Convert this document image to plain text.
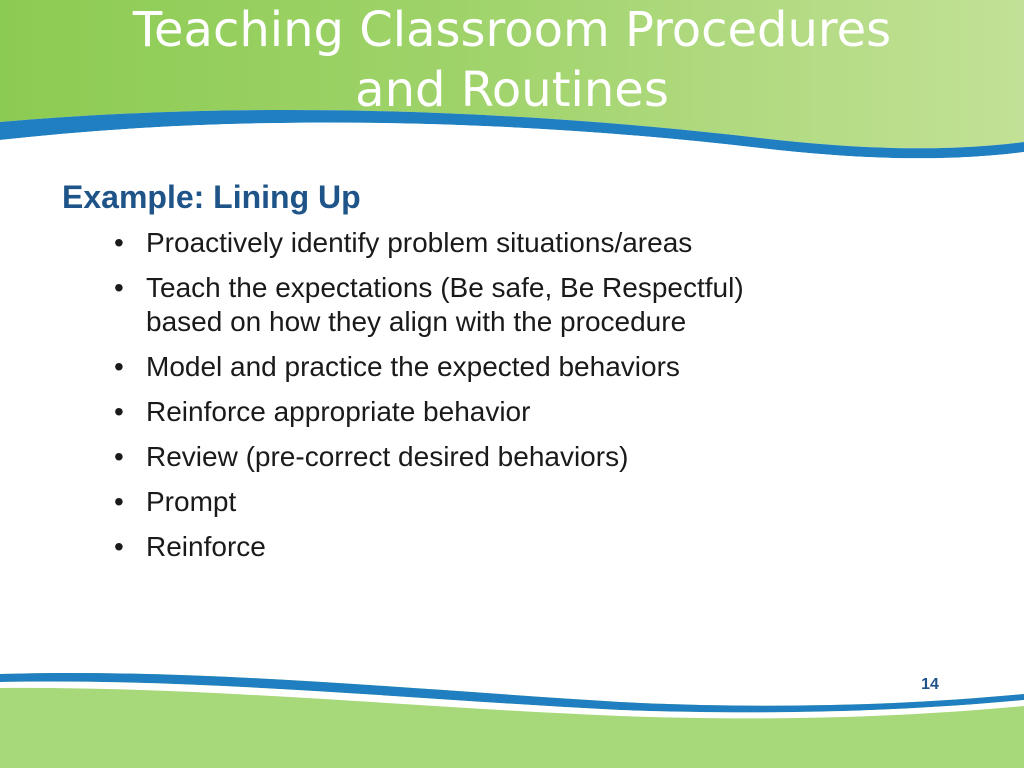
Teaching Classroom Procedures
and Routines
Example: Lining Up
• Proactively identify problem situations/areas
• Teach the expectations (Be safe, Be Respectful)
based on how they align with the procedure
• Model and practice the expected behaviors
• Reinforce appropriate behavior
• Review (pre-correct desired behaviors)
• Prompt
• Reinforce
14
